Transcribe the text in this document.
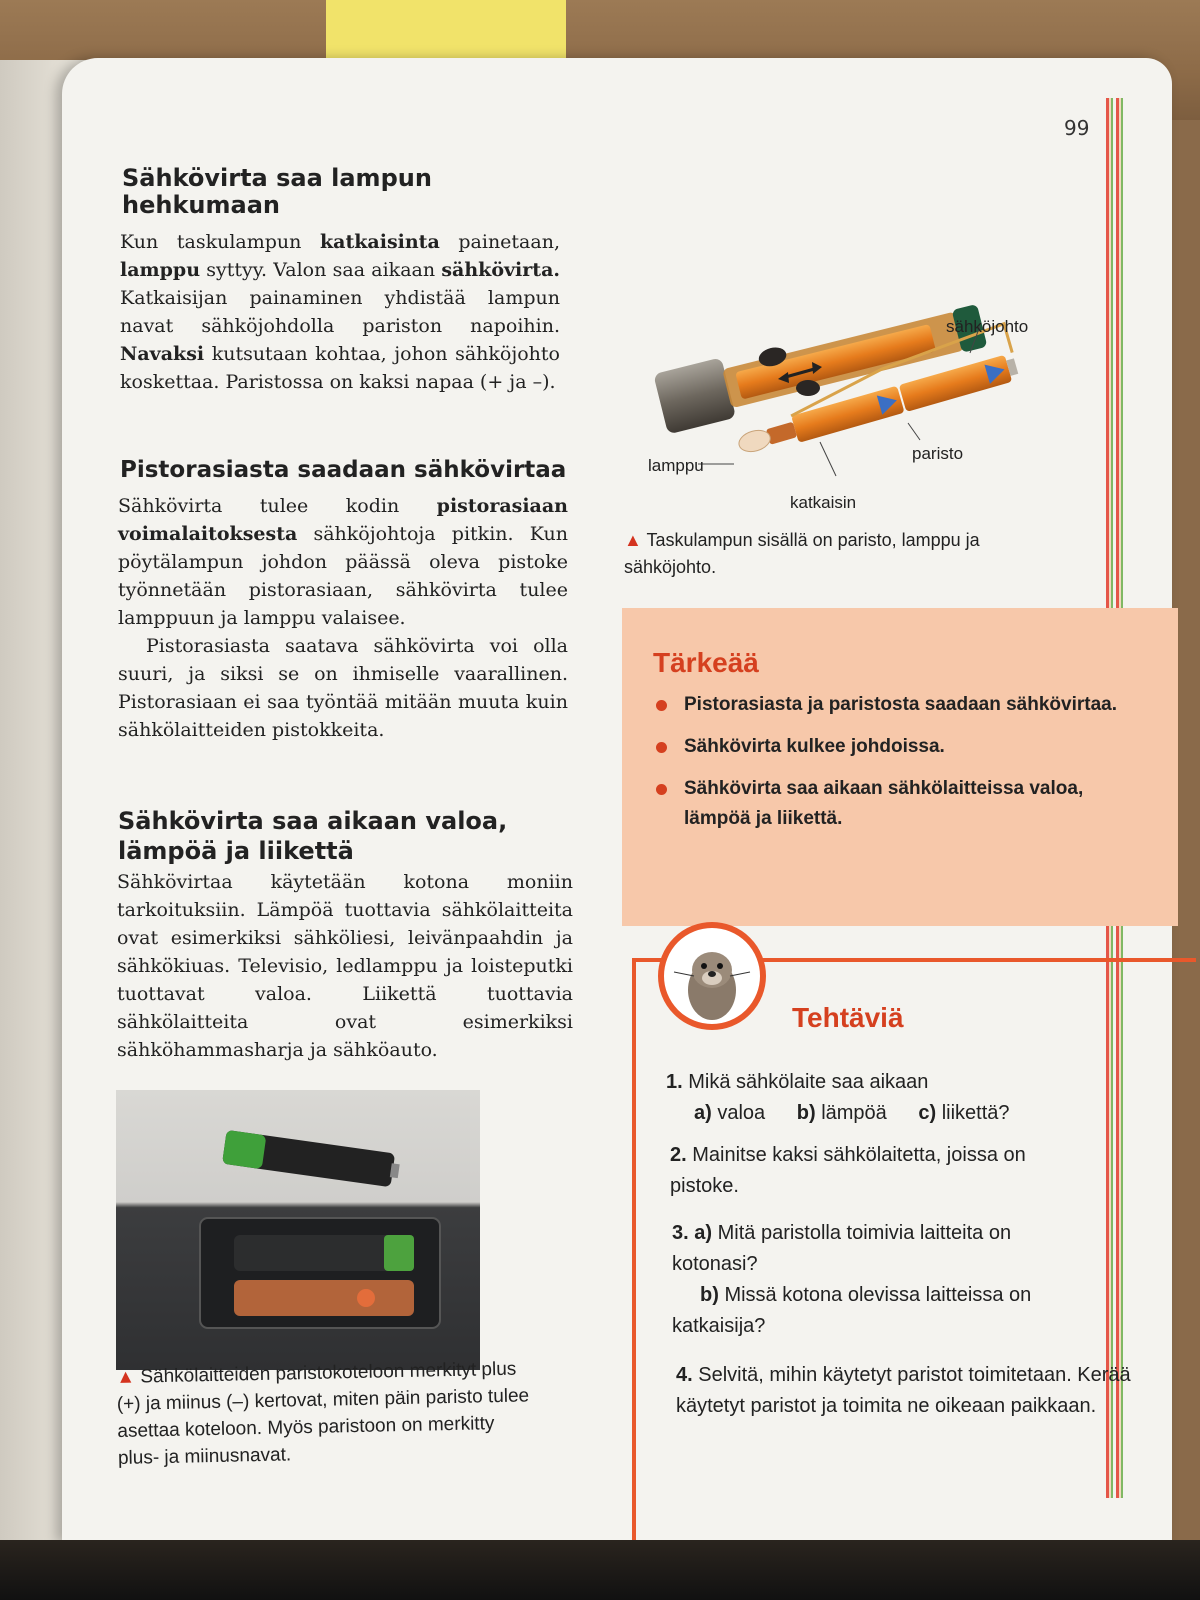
99
Sähkövirta saa lampun hehkumaan

Kun taskulampun katkaisinta painetaan, lamppu syttyy. Valon saa aikaan sähkövirta. Katkaisijan painaminen yhdistää lampun navat sähköjohdolla pariston napoihin. Navaksi kutsutaan kohtaa, johon sähköjohto koskettaa. Paristossa on kaksi napaa (+ ja –).

Pistorasiasta saadaan sähkövirtaa

Sähkövirta tulee kodin pistorasiaan voimalaitoksesta sähköjohtoja pitkin. Kun pöytälampun johdon päässä oleva pistoke työnnetään pistorasiaan, sähkövirta tulee lamppuun ja lamppu valaisee.
Pistorasiasta saatava sähkövirta voi olla suuri, ja siksi se on ihmiselle vaarallinen. Pistorasiaan ei saa työntää mitään muuta kuin sähkölaitteiden pistokkeita.

Sähkövirta saa aikaan valoa, lämpöä ja liikettä

Sähkövirtaa käytetään kotona moniin tarkoituksiin. Lämpöä tuottavia sähkölaitteita ovat esimerkiksi sähköliesi, leivänpaahdin ja sähkökiuas. Televisio, ledlamppu ja loisteputki tuottavat valoa. Liikettä tuottavia sähkölaitteita ovat esimerkiksi sähköhammasharja ja sähköauto.

sähköjohto
paristo
lamppu
katkaisin
▲ Taskulampun sisällä on paristo, lamppu ja sähköjohto.
Tärkeää
Pistorasiasta ja paristosta saadaan sähkövirtaa.
Sähkövirta kulkee johdoissa.
Sähkövirta saa aikaan sähkölaitteissa valoa, lämpöä ja liikettä.
Tehtäviä
1. Mikä sähkölaite saa aikaan
a) valoa b) lämpöä c) liikettä?
2. Mainitse kaksi sähkölaitetta, joissa on pistoke.
3. a) Mitä paristolla toimivia laitteita on kotonasi?
b) Missä kotona olevissa laitteissa on katkaisija?
4. Selvitä, mihin käytetyt paristot toimitetaan. Kerää käytetyt paristot ja toimita ne oikeaan paikkaan.
▲ Sähkölaitteiden paristokoteloon merkityt plus (+) ja miinus (–) kertovat, miten päin paristo tulee asettaa koteloon. Myös paristoon on merkitty plus- ja miinusnavat.
